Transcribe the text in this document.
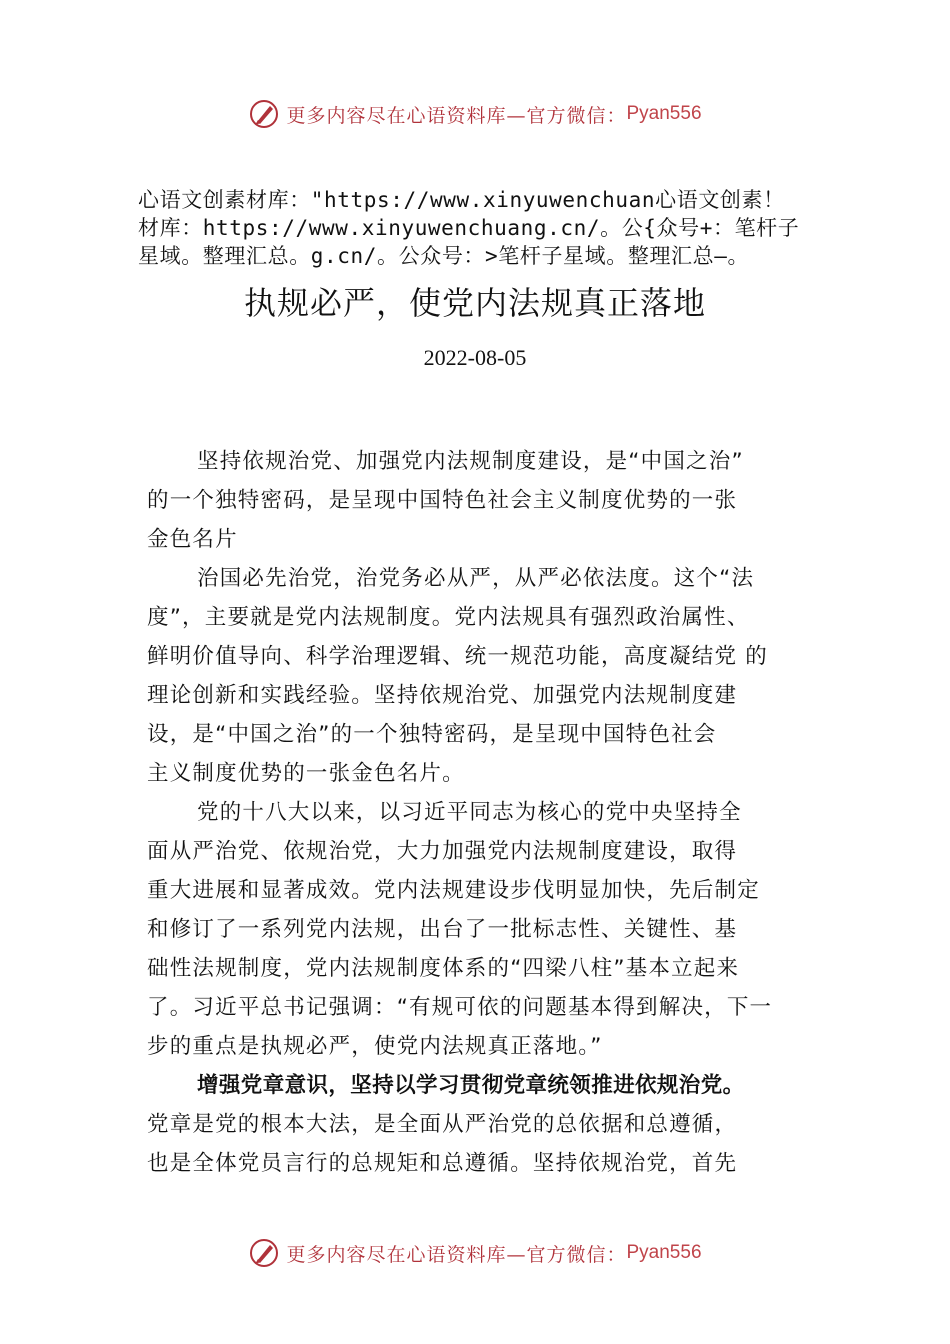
更多内容尽在心语资料库—官方微信： Pyan556
心语文创素材库："https://www.xinyuwenchuan心语文创素！
材库：https://www.xinyuwenchuang.cn/。公{众号+：笔杆子
星域。整理汇总。g.cn/。公众号：>笔杆子星域。整理汇总—。
执规必严，使党内法规真正落地
2022-08-05
坚持依规治党、加强党内法规制度建设，是“中国之治”
的一个独特密码，是呈现中国特色社会主义制度优势的一张
金色名片
治国必先治党，治党务必从严，从严必依法度。这个“法
度”，主要就是党内法规制度。党内法规具有强烈政治属性、
鲜明价值导向、科学治理逻辑、统一规范功能，高度凝结党 的
理论创新和实践经验。坚持依规治党、加强党内法规制度建
设，是“中国之治”的一个独特密码，是呈现中国特色社会
主义制度优势的一张金色名片。
党的十八大以来，以习近平同志为核心的党中央坚持全
面从严治党、依规治党，大力加强党内法规制度建设，取得
重大进展和显著成效。党内法规建设步伐明显加快，先后制定
和修订了一系列党内法规，出台了一批标志性、关键性、基
础性法规制度，党内法规制度体系的“四梁八柱”基本立起来
了。习近平总书记强调：“有规可依的问题基本得到解决，下一
步的重点是执规必严，使党内法规真正落地。”
增强党章意识，坚持以学习贯彻党章统领推进依规治党。
党章是党的根本大法，是全面从严治党的总依据和总遵循，
也是全体党员言行的总规矩和总遵循。坚持依规治党，首先
更多内容尽在心语资料库—官方微信： Pyan556
